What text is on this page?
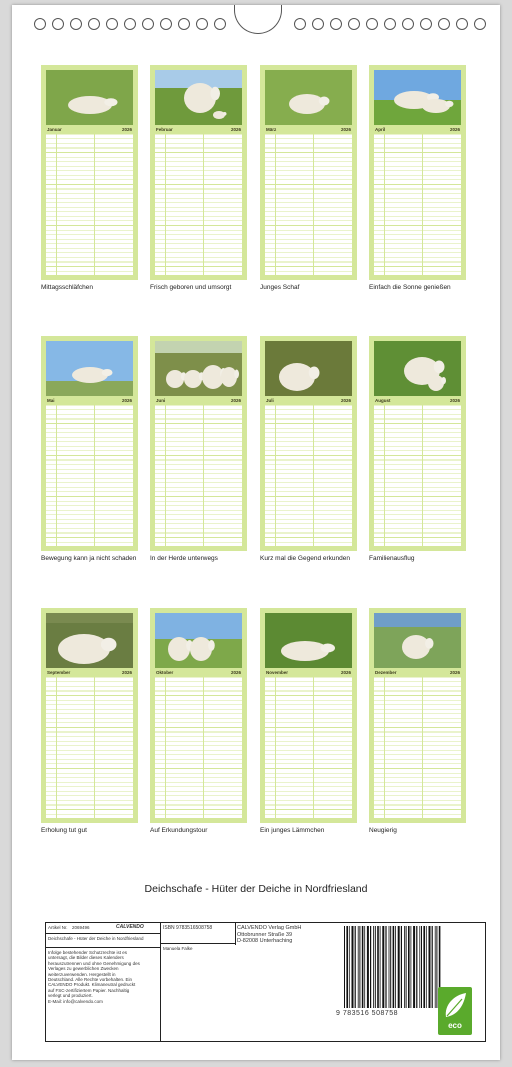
Januar	2026
Mittagsschläfchen
Februar	2026
Frisch geboren und umsorgt
März	2026
Junges Schaf
April	2026
Einfach die Sonne genießen
Mai	2026
Bewegung kann ja nicht schaden
Juni	2026
In der Herde unterwegs
Juli	2026
Kurz mal die Gegend erkunden
August	2026
Familienausflug
September	2026
Erholung tut gut
Oktober	2026
Auf Erkundungstour
November	2026
Ein junges Lämmchen
Dezember	2026
Neugierig
Deichschafe - Hüter der Deiche in Nordfriesland
Artikel Nr. 2069496	CALVENDO
Deichschafe - Hüter der Deiche in Nordfriesland
Infolge bestehender Schutzrechte ist es
untersagt, die Bilder dieses Kalenders
herauszutrennen und ohne Genehmigung des
Verlages zu gewerblichen Zwecken
weiterzuverwenden. Hergestellt in
Deutschland. Alle Rechte vorbehalten. Ein
CALVENDO Produkt. Klimaneutral gedruckt
auf FSC-zertifiziertem Papier. Nachhaltig
verlegt und produziert.
E-Mail: info@calvendo.com
ISBN 9783516508758
Manuela Falke
CALVENDO Verlag GmbH
Ottobrunner Straße 39
D-82008 Unterhaching
9 783516 508758
eco
